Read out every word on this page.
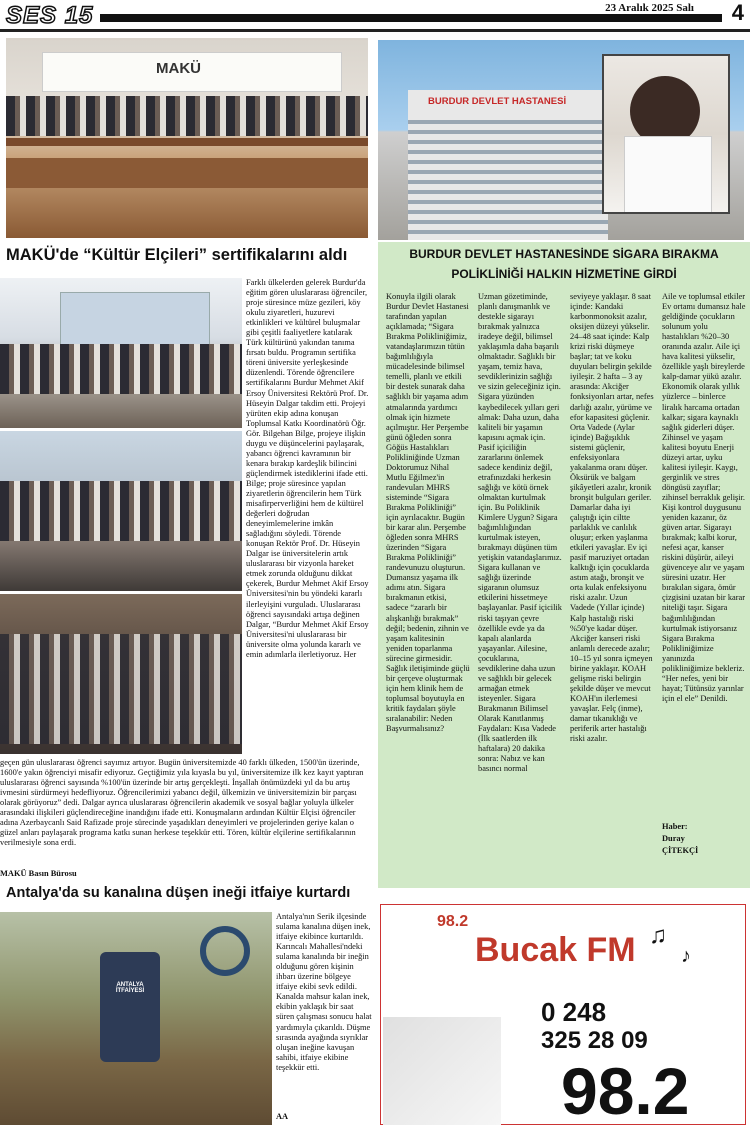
SES 15	23 Aralık 2025 Salı 4
MAKÜ
MAKÜ'de “Kültür Elçileri” sertifikalarını aldı
Farklı ülkelerden gelerek Burdur'da eğitim gören uluslararası öğrenciler, proje süresince müze gezileri, köy okulu ziyaretleri, huzurevi etkinlikleri ve kültürel buluşmalar gibi çeşitli faaliyetlere katılarak Türk kültürünü yakından tanıma fırsatı buldu. Programın sertifika töreni üniversite yerleşkesinde düzenlendi. Törende öğrencilere sertifikalarını Burdur Mehmet Akif Ersoy Üniversitesi Rektörü Prof. Dr. Hüseyin Dalgar takdim etti. Projeyi yürüten ekip adına konuşan Toplumsal Katkı Koordinatörü Öğr. Gör. Bilgehan Bilge, projeye ilişkin duygu ve düşüncelerini paylaşarak, yabancı öğrenci kavramının bir kenara bırakıp kardeşlik bilincini güçlendirmek istediklerini ifade etti. Bilge; proje süresince yapılan ziyaretlerin öğrencilerin hem Türk misafirperverliğini hem de kültürel değerleri doğrudan deneyimlemelerine imkân sağladığını söyledi. Törende konuşan Rektör Prof. Dr. Hüseyin Dalgar ise üniversitelerin artık uluslararası bir vizyonla hareket etmek zorunda olduğunu dikkat çekerek, Burdur Mehmet Akif Ersoy Üniversitesi'nin bu yöndeki kararlı ilerleyişini vurguladı. Uluslararası öğrenci sayısındaki artışa değinen Dalgar, “Burdur Mehmet Akif Ersoy Üniversitesi'ni uluslararası bir üniversite olma yolunda kararlı ve emin adımlarla ilerletiyoruz. Her
geçen gün uluslararası öğrenci sayımız artıyor. Bugün üniversitemizde 40 farklı ülkeden, 1500'ün üzerinde, 1600'e yakın öğrenciyi misafir ediyoruz. Geçtiğimiz yıla kıyasla bu yıl, üniversitemize ilk kez kayıt yaptıran uluslararası öğrenci sayısında %100'ün üzerinde bir artış gerçekleşti. İnşallah önümüzdeki yıl da bu artış ivmesini sürdürmeyi hedefliyoruz. Öğrencilerimizi yabancı değil, ülkemizin ve üniversitemizin bir parçası olarak görüyoruz” dedi. Dalgar ayrıca uluslararası öğrencilerin akademik ve sosyal bağlar yoluyla ülkeler arasındaki ilişkileri güçlendireceğine inandığını ifade etti. Konuşmaların ardından Kültür Elçisi öğrenciler adına Azerbaycanlı Said Rafizade proje sürecinde yaşadıkları deneyimleri ve projelerinden geriye kalan o güzel anları paylaşarak programa katkı sunan herkese teşekkür etti. Tören, kültür elçilerine sertifikalarının verilmesiyle sona erdi.
MAKÜ Basın Bürosu
BURDUR DEVLET HASTANESİ
BURDUR DEVLET HASTANESİNDE SİGARA BIRAKMA
POLİKLİNİĞİ HALKIN HİZMETİNE GİRDİ
Konuyla ilgili olarak Burdur Devlet Hastanesi tarafından yapılan açıklamada; “Sigara Bırakma Polikliniğimiz, vatandaşlarımızın tütün bağımlılığıyla mücadelesinde bilimsel temelli, planlı ve etkili bir destek sunarak daha sağlıklı bir yaşama adım atmalarında yardımcı olmak için hizmete açılmıştır. Her Perşembe günü öğleden sonra Göğüs Hastalıkları Polikliniğinde Uzman Doktorumuz Nihal Mutlu Eğilmez'in randevuları MHRS sisteminde “Sigara Bırakma Polikliniği” için ayrılacaktır. Bugün bir karar alın. Perşembe öğleden sonra MHRS üzerinden “Sigara Bırakma Polikliniği” randevunuzu oluşturun. Dumansız yaşama ilk adımı atın. Sigara bırakmanın etkisi, sadece “zararlı bir alışkanlığı bırakmak” değil; bedenin, zihnin ve yaşam kalitesinin yeniden toparlanma sürecine girmesidir. Sağlık iletişiminde güçlü bir çerçeve oluşturmak için hem klinik hem de toplumsal boyutuyla en kritik faydaları şöyle sıralanabilir: Neden Başvurmalısınız?
Uzman gözetiminde, planlı danışmanlık ve destekle sigarayı bırakmak yalnızca iradeye değil, bilimsel yaklaşımla daha başarılı olmaktadır. Sağlıklı bir yaşam, temiz hava, sevdiklerinizin sağlığı ve sizin geleceğiniz için. Sigara yüzünden kaybedilecek yılları geri almak: Daha uzun, daha kaliteli bir yaşamın kapısını açmak için. Pasif içiciliğin zararlarını önlemek sadece kendiniz değil, etrafınızdaki herkesin sağlığı ve kötü örnek olmaktan kurtulmak için. Bu Poliklinik Kimlere Uygun? Sigara bağımlılığından kurtulmak isteyen, bırakmayı düşünen tüm yetişkin vatandaşlarımız. Sigara kullanan ve sağlığı üzerinde sigaranın olumsuz etkilerini hissetmeye başlayanlar. Pasif içicilik riski taşıyan çevre özellikle evde ya da kapalı alanlarda yaşayanlar. Ailesine, çocuklarına, sevdiklerine daha uzun ve sağlıklı bir gelecek armağan etmek isteyenler. Sigara Bırakmanın Bilimsel Olarak Kanıtlanmış Faydaları: Kısa Vadede (İlk saatlerden ilk haftalara) 20 dakika sonra: Nabız ve kan basıncı normal
seviyeye yaklaşır. 8 saat içinde: Kandaki karbonmonoksit azalır, oksijen düzeyi yükselir. 24–48 saat içinde: Kalp krizi riski düşmeye başlar; tat ve koku duyuları belirgin şekilde iyileşir. 2 hafta – 3 ay arasında: Akciğer fonksiyonları artar, nefes darlığı azalır, yürüme ve efor kapasitesi güçlenir. Orta Vadede (Aylar içinde) Bağışıklık sistemi güçlenir, enfeksiyonlara yakalanma oranı düşer. Öksürük ve balgam şikâyetleri azalır, kronik bronşit bulguları geriler. Damarlar daha iyi çalıştığı için ciltte parlaklık ve canlılık oluşur; erken yaşlanma etkileri yavaşlar. Ev içi pasif maruziyet ortadan kalktığı için çocuklarda astım atağı, bronşit ve orta kulak enfeksiyonu riski azalır. Uzun Vadede (Yıllar içinde) Kalp hastalığı riski %50'ye kadar düşer. Akciğer kanseri riski anlamlı derecede azalır; 10–15 yıl sonra içmeyen birine yaklaşır. KOAH gelişme riski belirgin şekilde düşer ve mevcut KOAH'ın ilerlemesi yavaşlar. Felç (inme), damar tıkanıklığı ve periferik arter hastalığı riski azalır.
Aile ve toplumsal etkiler Ev ortamı dumansız hale geldiğinde çocukların solunum yolu hastalıkları %20–30 oranında azalır. Aile içi hava kalitesi yükselir, özellikle yaşlı bireylerde kalp-damar yükü azalır. Ekonomik olarak yıllık yüzlerce – binlerce liralık harcama ortadan kalkar; sigara kaynaklı sağlık giderleri düşer. Zihinsel ve yaşam kalitesi boyutu Enerji düzeyi artar, uyku kalitesi iyileşir. Kaygı, gerginlik ve stres döngüsü zayıflar; zihinsel berraklık gelişir. Kişi kontrol duygusunu yeniden kazanır, öz güven artar. Sigarayı bırakmak; kalbi korur, nefesi açar, kanser riskini düşürür, aileyi güvenceye alır ve yaşam süresini uzatır. Her bırakılan sigara, ömür çizgisini uzatan bir karar niteliği taşır. Sigara bağımlılığından kurtulmak istiyorsanız Sigara Bırakma Polikliniğimize yanınızda polikliniğimize bekleriz. “Her nefes, yeni bir hayat; Tütünsüz yarınlar için el ele” Denildi.
Haber:
Duray
ÇİTEKÇİ
Antalya'da su kanalına düşen ineği itfaiye kurtardı
ANTALYA İTFAİYESİ
Antalya'nın Serik ilçesinde sulama kanalına düşen inek, itfaiye ekibince kurtarıldı. Karıncalı Mahallesi'ndeki sulama kanalında bir ineğin olduğunu gören kişinin ihbarı üzerine bölgeye itfaiye ekibi sevk edildi. Kanalda mahsur kalan inek, ekibin yaklaşık bir saat süren çalışması sonucu halat yardımıyla çıkarıldı. Düşme sırasında ayağında sıyrıklar oluşan ineğine kavuşan sahibi, itfaiye ekibine teşekkür etti.
AA
98.2
Bucak FM ♫
♪
0 248
325 28 09
98.2
